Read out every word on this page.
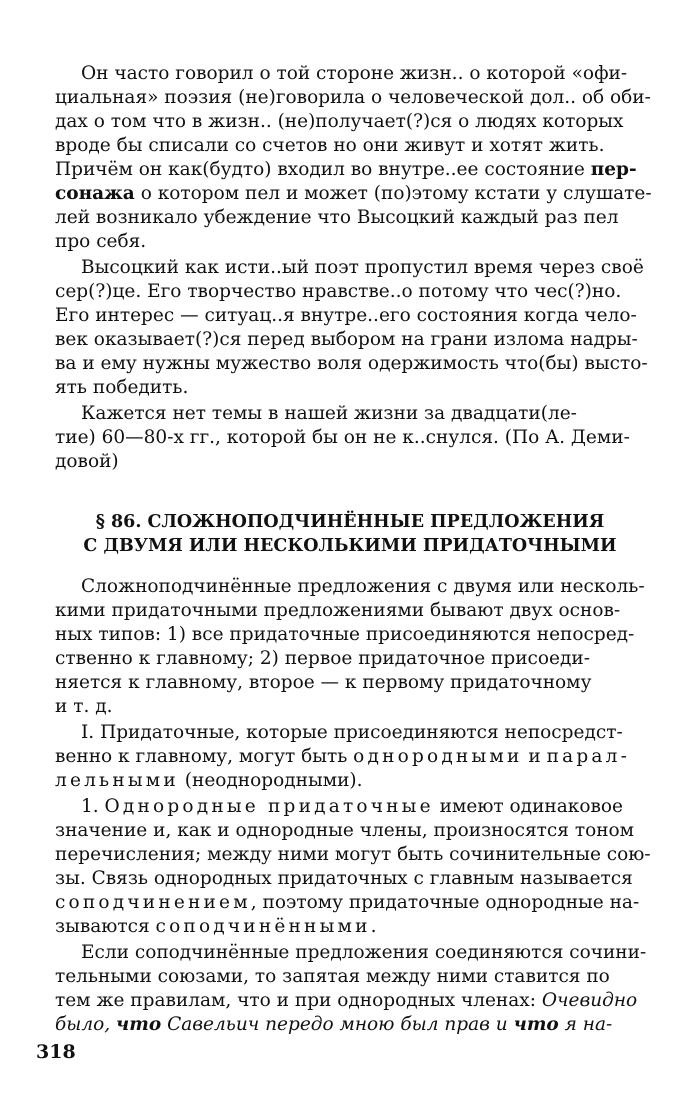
Он часто говорил о той стороне жизн.. о которой «офи-
циальная» поэзия (не)говорила о человеческой дол.. об оби-
дах о том что в жизн.. (не)получает(?)ся о людях которых
вроде бы списали со счетов но они живут и хотят жить.
Причём он как(будто) входил во внутре..ее состояние пер-
сонажа о котором пел и может (по)этому кстати у слушате-
лей возникало убеждение что Высоцкий каждый раз пел
про себя.
Высоцкий как исти..ый поэт пропустил время через своё
сер(?)це. Его творчество нравстве..о потому что чес(?)но.
Его интерес — ситуац..я внутре..его состояния когда чело-
век оказывает(?)ся перед выбором на грани излома надры-
ва и ему нужны мужество воля одержимость что(бы) высто-
ять победить.
Кажется нет темы в нашей жизни за двадцати(ле-
тие) 60—80-х гг., которой бы он не к..снулся. (По А. Деми-
довой)
§ 86. СЛОЖНОПОДЧИНЁННЫЕ ПРЕДЛОЖЕНИЯ
С ДВУМЯ ИЛИ НЕСКОЛЬКИМИ ПРИДАТОЧНЫМИ
Сложноподчинённые предложения с двумя или несколь-
кими придаточными предложениями бывают двух основ-
ных типов: 1) все придаточные присоединяются непосред-
ственно к главному; 2) первое придаточное присоеди-
няется к главному, второе — к первому придаточному
и т. д.
I. Придаточные, которые присоединяются непосредст-
венно к главному, могут быть однородными и парал-
лельными (неоднородными).
1. Однородные придаточные имеют одинаковое
значение и, как и однородные члены, произносятся тоном
перечисления; между ними могут быть сочинительные сою-
зы. Связь однородных придаточных с главным называется
соподчинением, поэтому придаточные однородные на-
зываются соподчинёнными.
Если соподчинённые предложения соединяются сочини-
тельными союзами, то запятая между ними ставится по
тем же правилам, что и при однородных членах: Очевидно
было, что Савельич передо мною был прав и что я на-
318
